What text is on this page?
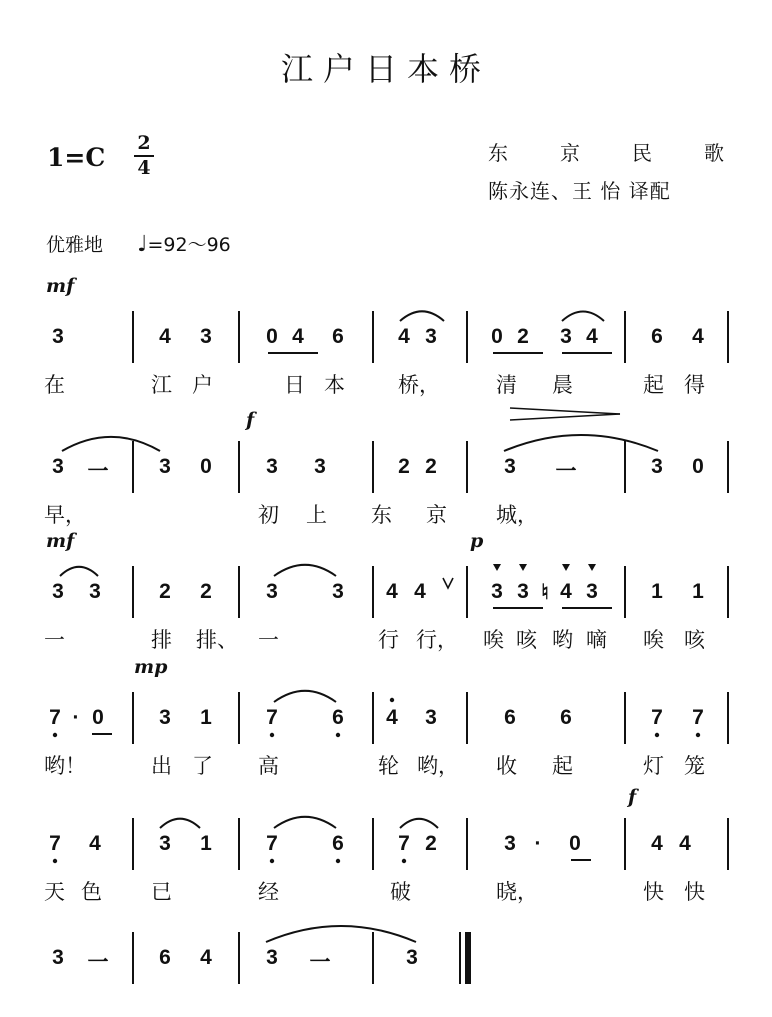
江户日本桥
1=C 2
4
东	京	民	歌
陈永连、王 怡 译配
优雅地 ♩=92～96
mf
3	4 3	0 4 6	4 3	0 2 3 4	6 4
在	江 户	日 本	桥，	清 晨	起 得
f
3 一 3 0	3 3	2 2	3 一	3 0
早，	初 上 东 京 城，
mf	p
3 3	2 2	3	3 4 4	3 3 ♮ 4 3	1 1
一	排 排、 一	行 行， 唉 咳 哟 嘀 唉 咳
mp
7 · 0	3 1	7	6 4 3	6 6	7 7
哟！	出 了 高	轮 哟， 收 起	灯 笼
f
7 4	3 1	7	6	7 2	3 ·	0	4 4
天 色 已	经	破	晓，	快 快
3 一 6 4	3 一	3
